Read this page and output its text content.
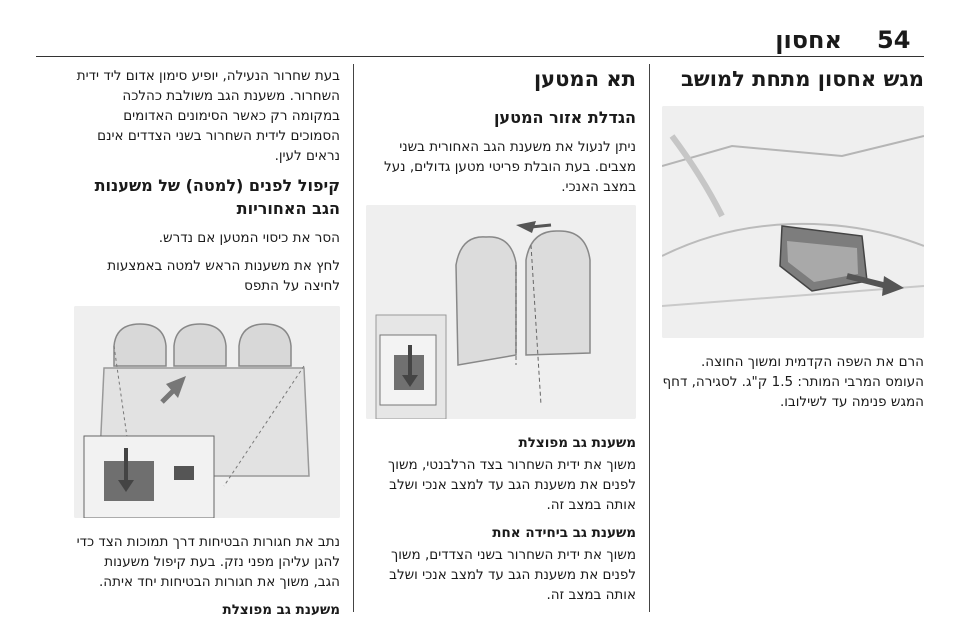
54
אחסון
מגש אחסון מתחת למושב

הרם את השפה הקדמית ומשוך החוצה. העומס המרבי המותר: 1.5 ק"ג. לסגירה, דחף המגש פנימה עד לשילובו.

תא המטען
הגדלת אזור המטען

ניתן לנעול את משענת הגב האחורית בשני מצבים. בעת הובלת פריטי מטען גדולים, נעל במצב האנכי.

משענת גב מפוצלת

משוך את ידית השחרור בצד הרלבנטי, משוך לפנים את משענת הגב עד למצב אנכי ושלב אותה במצב זה.

משענת גב ביחידה אחת

משוך את ידית השחרור בשני הצדדים, משוך לפנים את משענת הגב עד למצב אנכי ושלב אותה במצב זה.

בעת שחרור הנעילה, יופיע סימון אדום ליד ידית השחרור. משענת הגב משולבת כהלכה במקומה רק כאשר הסימונים האדומים הסמוכים לידית השחרור בשני הצדדים אינם נראים לעין.

קיפול לפנים (למטה) של משענות הגב האחוריות

הסר את כיסוי המטען אם נדרש.

לחץ את משענות הראש למטה באמצעות לחיצה על התפס

נתב את חגורות הבטיחות דרך תמוכות הצד כדי להגן עליהן מפני נזק. בעת קיפול משענות הגב, משוך את חגורות הבטיחות יחד איתה.

משענת גב מפוצלת
